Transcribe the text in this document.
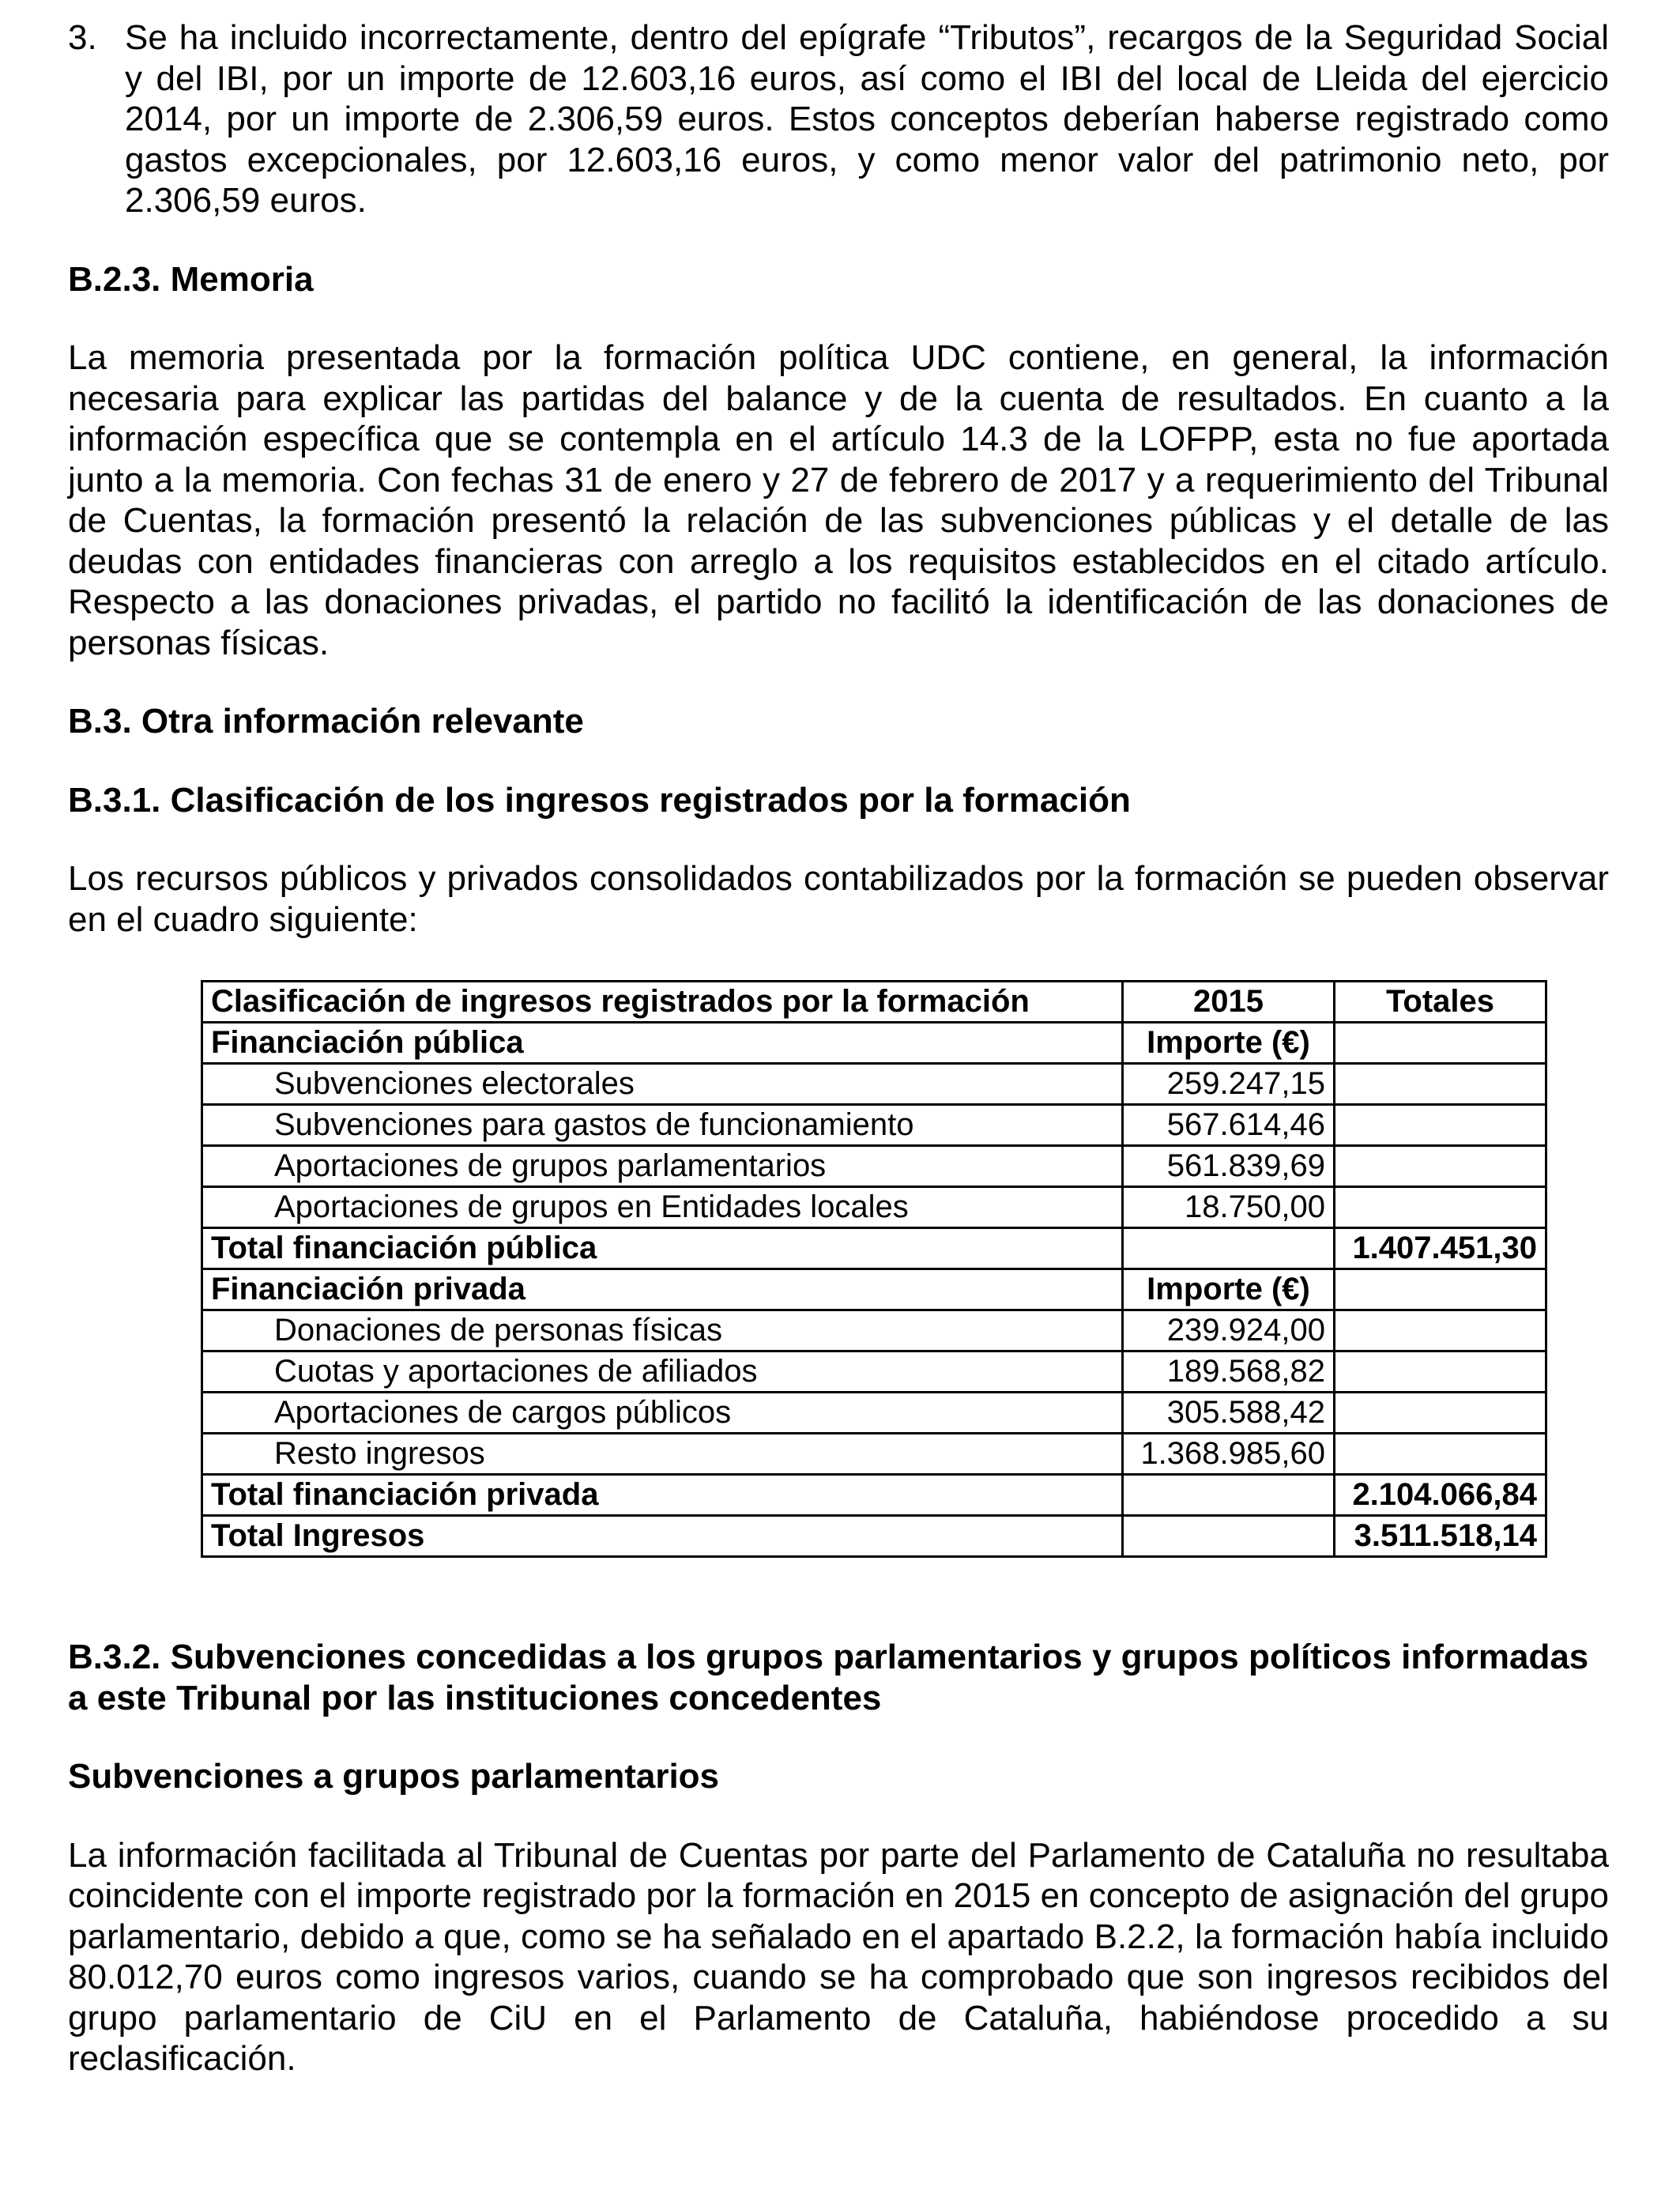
3. Se ha incluido incorrectamente, dentro del epígrafe “Tributos”, recargos de la Seguridad Social y del IBI, por un importe de 12.603,16 euros, así como el IBI del local de Lleida del ejercicio 2014, por un importe de 2.306,59 euros. Estos conceptos deberían haberse registrado como gastos excepcionales, por 12.603,16 euros, y como menor valor del patrimonio neto, por 2.306,59 euros.
B.2.3. Memoria

La memoria presentada por la formación política UDC contiene, en general, la información necesaria para explicar las partidas del balance y de la cuenta de resultados. En cuanto a la información específica que se contempla en el artículo 14.3 de la LOFPP, esta no fue aportada junto a la memoria. Con fechas 31 de enero y 27 de febrero de 2017 y a requerimiento del Tribunal de Cuentas, la formación presentó la relación de las subvenciones públicas y el detalle de las deudas con entidades financieras con arreglo a los requisitos establecidos en el citado artículo. Respecto a las donaciones privadas, el partido no facilitó la identificación de las donaciones de personas físicas.

B.3. Otra información relevante
B.3.1. Clasificación de los ingresos registrados por la formación

Los recursos públicos y privados consolidados contabilizados por la formación se pueden observar en el cuadro siguiente:

Clasificación de ingresos registrados por la formación	2015	Totales
Financiación pública	Importe (€)	
Subvenciones electorales	259.247,15	
Subvenciones para gastos de funcionamiento	567.614,46	
Aportaciones de grupos parlamentarios	561.839,69	
Aportaciones de grupos en Entidades locales	18.750,00	
Total financiación pública		1.407.451,30
Financiación privada	Importe (€)	
Donaciones de personas físicas	239.924,00	
Cuotas y aportaciones de afiliados	189.568,82	
Aportaciones de cargos públicos	305.588,42	
Resto ingresos	1.368.985,60	
Total financiación privada		2.104.066,84
Total Ingresos		3.511.518,14
B.3.2. Subvenciones concedidas a los grupos parlamentarios y grupos políticos informadas a este Tribunal por las instituciones concedentes
Subvenciones a grupos parlamentarios

La información facilitada al Tribunal de Cuentas por parte del Parlamento de Cataluña no resultaba coincidente con el importe registrado por la formación en 2015 en concepto de asignación del grupo parlamentario, debido a que, como se ha señalado en el apartado B.2.2, la formación había incluido 80.012,70 euros como ingresos varios, cuando se ha comprobado que son ingresos recibidos del grupo parlamentario de CiU en el Parlamento de Cataluña, habiéndose procedido a su reclasificación.
